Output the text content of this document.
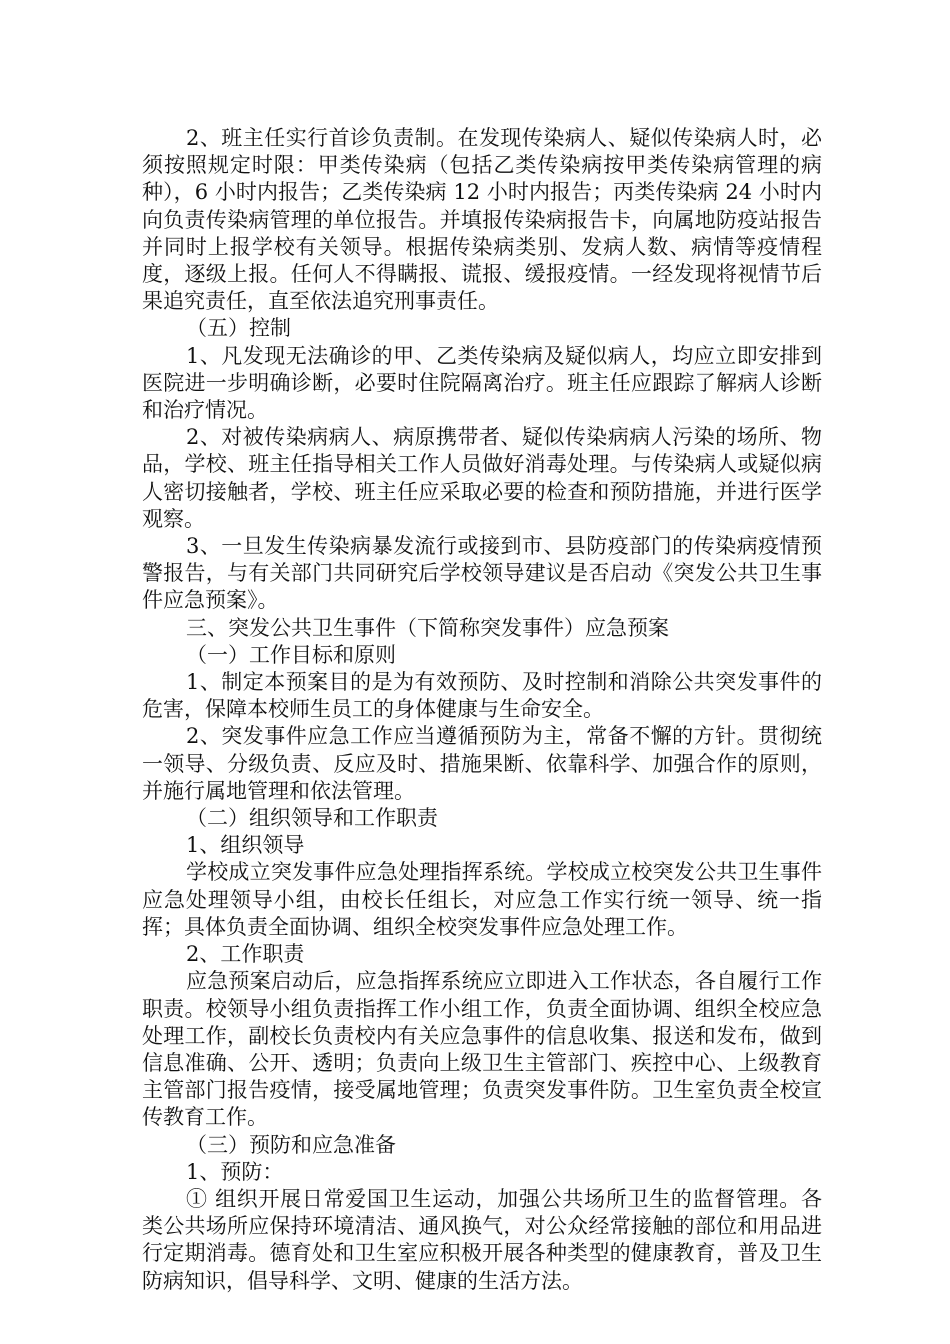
2、班主任实行首诊负责制。在发现传染病人、疑似传染病人时，必须按照规定时限：甲类传染病（包括乙类传染病按甲类传染病管理的病种），6 小时内报告；乙类传染病 12 小时内报告；丙类传染病 24 小时内向负责传染病管理的单位报告。并填报传染病报告卡，向属地防疫站报告并同时上报学校有关领导。根据传染病类别、发病人数、病情等疫情程度，逐级上报。任何人不得瞒报、谎报、缓报疫情。一经发现将视情节后果追究责任，直至依法追究刑事责任。

（五）控制

1、凡发现无法确诊的甲、乙类传染病及疑似病人，均应立即安排到医院进一步明确诊断，必要时住院隔离治疗。班主任应跟踪了解病人诊断和治疗情况。

2、对被传染病病人、病原携带者、疑似传染病病人污染的场所、物品，学校、班主任指导相关工作人员做好消毒处理。与传染病人或疑似病人密切接触者，学校、班主任应采取必要的检查和预防措施，并进行医学观察。

3、一旦发生传染病暴发流行或接到市、县防疫部门的传染病疫情预警报告，与有关部门共同研究后学校领导建议是否启动《突发公共卫生事件应急预案》。

三、突发公共卫生事件（下简称突发事件）应急预案

（一）工作目标和原则

1、制定本预案目的是为有效预防、及时控制和消除公共突发事件的危害，保障本校师生员工的身体健康与生命安全。

2、突发事件应急工作应当遵循预防为主，常备不懈的方针。贯彻统一领导、分级负责、反应及时、措施果断、依靠科学、加强合作的原则，并施行属地管理和依法管理。

（二）组织领导和工作职责

1、组织领导

学校成立突发事件应急处理指挥系统。学校成立校突发公共卫生事件应急处理领导小组，由校长任组长，对应急工作实行统一领导、统一指挥；具体负责全面协调、组织全校突发事件应急处理工作。

2、工作职责

应急预案启动后，应急指挥系统应立即进入工作状态，各自履行工作职责。校领导小组负责指挥工作小组工作，负责全面协调、组织全校应急处理工作，副校长负责校内有关应急事件的信息收集、报送和发布，做到信息准确、公开、透明；负责向上级卫生主管部门、疾控中心、上级教育主管部门报告疫情，接受属地管理；负责突发事件防。卫生室负责全校宣传教育工作。

（三）预防和应急准备

1、预防：

① 组织开展日常爱国卫生运动，加强公共场所卫生的监督管理。各类公共场所应保持环境清洁、通风换气，对公众经常接触的部位和用品进行定期消毒。德育处和卫生室应积极开展各种类型的健康教育，普及卫生防病知识，倡导科学、文明、健康的生活方法。
